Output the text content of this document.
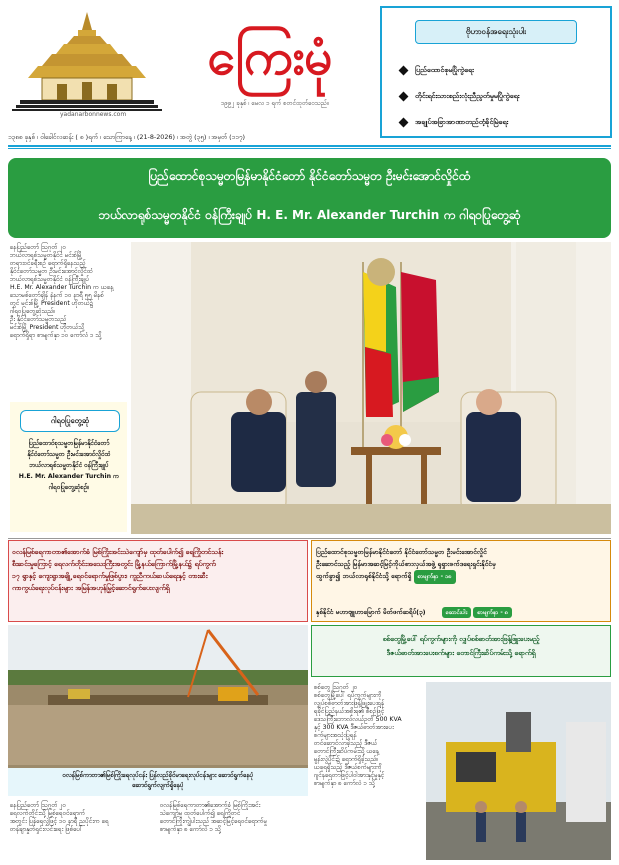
ကြေးမုံ
yadanarbonnews.com
၁၉၉၂ ခုနှစ် ၊ မေလ ၁ ရက် စတင်ထုတ်ဝေသည်။
၁၃၈၈ ခုနှစ် ၊ ဝါခေါင်လဆန်း ( ၈ )ရက် ၊ သောကြာနေ့ ၊ (21-8-2026) ၊ အတွဲ (၃၅) ၊ အမှတ် (၁၁၇)
ဗိုဟာဝန်အရေးသုံးပါး
ပြည်ထောင်စုမပြိုကွဲရေး
တိုင်းရင်းသားစည်းလုံးညီညွတ်မှုမပြိုကွဲရေး
အချုပ်အခြာအာဏာတည်တံ့ခိုင်မြဲရေး
ပြည်ထောင်စုသမ္မတမြန်မာနိုင်ငံတော် နိုင်ငံတော်သမ္မတ ဦးမင်းအောင်လှိုင်ထံ
ဘယ်လာရုစ်သမ္မတနိုင်ငံ ဝန်ကြီးချုပ် H. E. Mr. Alexander Turchin က ဂါရဝပြုတွေ့ဆုံ
နေပြည်တော် ဩဂုတ် ၂၀
ဘယ်လာရုစ်သမ္မတနိုင်ငံ မင်းစ်မြို့
တရားဝင်ခရီးစဉ် ရောက်ရှိနေသည့်
နိုင်ငံတော်သမ္မတ ဦးမင်းအောင်လှိုင်ထံ
ဘယ်လာရုစ်သမ္မတနိုင်ငံ ဝန်ကြီးချုပ်
H.E. Mr. Alexander Turchin က ယနေ့
သောမစ်တော်ချိန် နံနက် ၁၀ နာရီ ၅၅ မိနစ်
တွင် မင်းစ်မြို့ President ဟိုတယ်၌
ဂါရဝပြုတွေ့ဆုံသည်။
ဦး နိုင်ငံတော်သမ္မတသည်
မင်းစ်မြို့ President ဟိုတယ်သို့
ရောက်ရှိရာ စာမျက်နှာ ၁၀ ကော်လံ ၁ သို့
ဂါရဝပြုတွေ့ဆုံ
ပြည်ထောင်စုသမ္မတမြန်မာနိုင်ငံတော်
နိုင်ငံတော်သမ္မတ ဦးမင်းအောင်လှိုင်ထံ
ဘယ်လာရုစ်သမ္မတနိုင်ငံ ဝန်ကြီးချုပ်
H.E. Mr. Alexander Turchin က
ဂါရဝပြုတွေ့ဆုံစဉ်။
ဝလန်မြစ်ရေကာတာ၏အောက်ခံ မြစ်ကြိုးအင်းသဲကျော်မှ ထုတ်ပေါက်၍ ရေကြိုတင်သန်း
စီးဆင်းမှုကြောင့် ရေလက်တိုင်းအသေးကြီးအတွင်း မြို့နယ်ကြောက်မြို့နယ်၌ ရပ်ကွက်
၁၇ ရွာနှင့် ကျေးရွာအချို့ ရေဝင်ရောက်မှုဖြစ်ပွား၊ ကူညီကယ်ဆယ်ရေးနှင့် တားဆီး
ကာကွယ်ရေးလုပ်ငန်းများ အမြန်အဟုန်မြှင့်ဆောင်ရွက်ပေးလျက်ရှိ
ပြည်ထောင်စုသမ္မတမြန်မာနိုင်ငံတော် နိုင်ငံတော်သမ္မတ ဦးမင်းအောင်လှိုင်
ဦးဆောင်သည့် မြန်မာအဆင့်မြင့်ကိုယ်စားလှယ်အဖွဲ့ ရုရှားဖက်ဒရေးရှင်းနိုင်ငံမှ
ထွက်ခွာ၍ ဘယ်လာရုစ်နိုင်ငံသို့ ရောက်ရှိ စာမျက်နှာ - ၁၈
နှစ်နိုင်ငံ မဟာဗျူဟာမြောက် မိတ်ဖက်ဆရိပ်(၃)	ဆောင်းပါး စာမျက်နှာ - ၈
ဝလန်မြစ်ကာတာ၏မြစ်ကြိုးရေလုပ်ငန်း ပြန်လည်ခိုင်မာရေးလုပ်ငန်းများ ဆောင်ရွက်နေပုံ
ဆောင်ရွက်လျက်ရှိနေပုံ
စစ်တွေမြို့ပေါ် ရပ်ကွက်များကို လျှပ်စစ်ဓာတ်အားဖြန့်ဖြူးပေးမည့်
ဒီဇယ်ဓာတ်အားပေးစက်များ တောင်ကြီးဆိပ်ကမ်းသို့ ရောက်ရှိ
စစ်တွေ ဩဂုတ် ၂၀
စစ်တွေမြို့ပေါ် ရပ်ကွက်များကို
လျှပ်စစ်ဓာတ်အားဖြန့်ဖြူးပေးရန်
ရခိုင်ပြည်နယ်အစိုးရ၏ စီစဉ်ဖြင့်
ဒေသကြီးဘောလ်လယ်ဥတိ 500 KVA
နှင့် 300 KVA ဒီဇယ်ဓာတ်အားပေး
စက်များအသုံးပြုရန်
တင်ဆောင်လာခဲ့သည့် ဒီဇယ်
တောင်ကြီးဆိပ်ကမ်းသို့ ယနေ့
မွန်းလွဲပိုင်း၌ ရောက်ရှိခဲ့သည်။
ယခုရရှိသည့် ဒီဇယ်စက်များကို
ဂျင်နရေတာဖြင့်ပါဝါအားနှင့်မှုနှင့်
စာမျက်နှာ ၈ ကော်လံ ၁ သို့
နေပြည်တော် ဩဂုတ် ၂၀
ရေလက်တိုင်းသို့ မြစ်ရေဝင်ရောက်
အတွင်း ပြန်ရေလွှဲဖြင့် ၁၀ နာရီ ညပိုင်းက ရေ
တန်ချာနှုတ်ရှင်းလင်းရေး ဖြစ်ပေါ်
ဝလန်မြစ်ရေကာတာ၏အောက်ခံ မြစ်ကြိုးအင်း
သဲကျော်မှ ထုတ်ပေါက်၍ ရေကြိုတင်
တောင်ကြိုးကျွဲပါးသည် အဆင့်မြင့်ရေဝင်ရောက်မှု
စာမျက်နှာ ၈ ကော်လံ ၁ သို့
